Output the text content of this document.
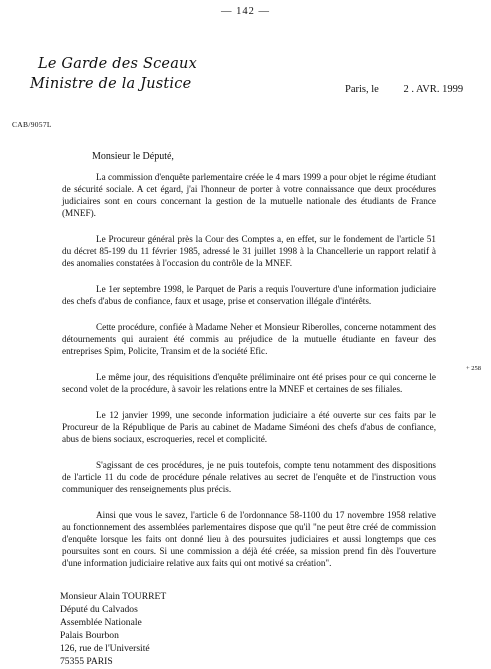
— 142 —
Le Garde des Sceaux
Ministre de la Justice	Paris, le 2 . AVR. 1999
CAB/9057L
Monsieur le Député,

La commission d'enquête parlementaire créée le 4 mars 1999 a pour objet le régime étudiant de sécurité sociale. A cet égard, j'ai l'honneur de porter à votre connaissance que deux procédures judiciaires sont en cours concernant la gestion de la mutuelle nationale des étudiants de France (MNEF).

Le Procureur général près la Cour des Comptes a, en effet, sur le fondement de l'article 51 du décret 85-199 du 11 février 1985, adressé le 31 juillet 1998 à la Chancellerie un rapport relatif à des anomalies constatées à l'occasion du contrôle de la MNEF.

Le 1er septembre 1998, le Parquet de Paris a requis l'ouverture d'une information judiciaire des chefs d'abus de confiance, faux et usage, prise et conservation illégale d'intérêts.

Cette procédure, confiée à Madame Neher et Monsieur Riberolles, concerne notamment des détournements qui auraient été commis au préjudice de la mutuelle étudiante en faveur des entreprises Spim, Policite, Transim et de la société Efic.

Le même jour, des réquisitions d'enquête préliminaire ont été prises pour ce qui concerne le second volet de la procédure, à savoir les relations entre la MNEF et certaines de ses filiales.

Le 12 janvier 1999, une seconde information judiciaire a été ouverte sur ces faits par le Procureur de la République de Paris au cabinet de Madame Siméoni des chefs d'abus de confiance, abus de biens sociaux, escroqueries, recel et complicité.

S'agissant de ces procédures, je ne puis toutefois, compte tenu notamment des dispositions de l'article 11 du code de procédure pénale relatives au secret de l'enquête et de l'instruction vous communiquer des renseignements plus précis.

Ainsi que vous le savez, l'article 6 de l'ordonnance 58-1100 du 17 novembre 1958 relative au fonctionnement des assemblées parlementaires dispose que qu'il "ne peut être créé de commission d'enquête lorsque les faits ont donné lieu à des poursuites judiciaires et aussi longtemps que ces poursuites sont en cours. Si une commission a déjà été créée, sa mission prend fin dès l'ouverture d'une information judiciaire relative aux faits qui ont motivé sa création".

+ 258
Monsieur Alain TOURRET
Député du Calvados
Assemblée Nationale
Palais Bourbon
126, rue de l'Université
75355 PARIS
